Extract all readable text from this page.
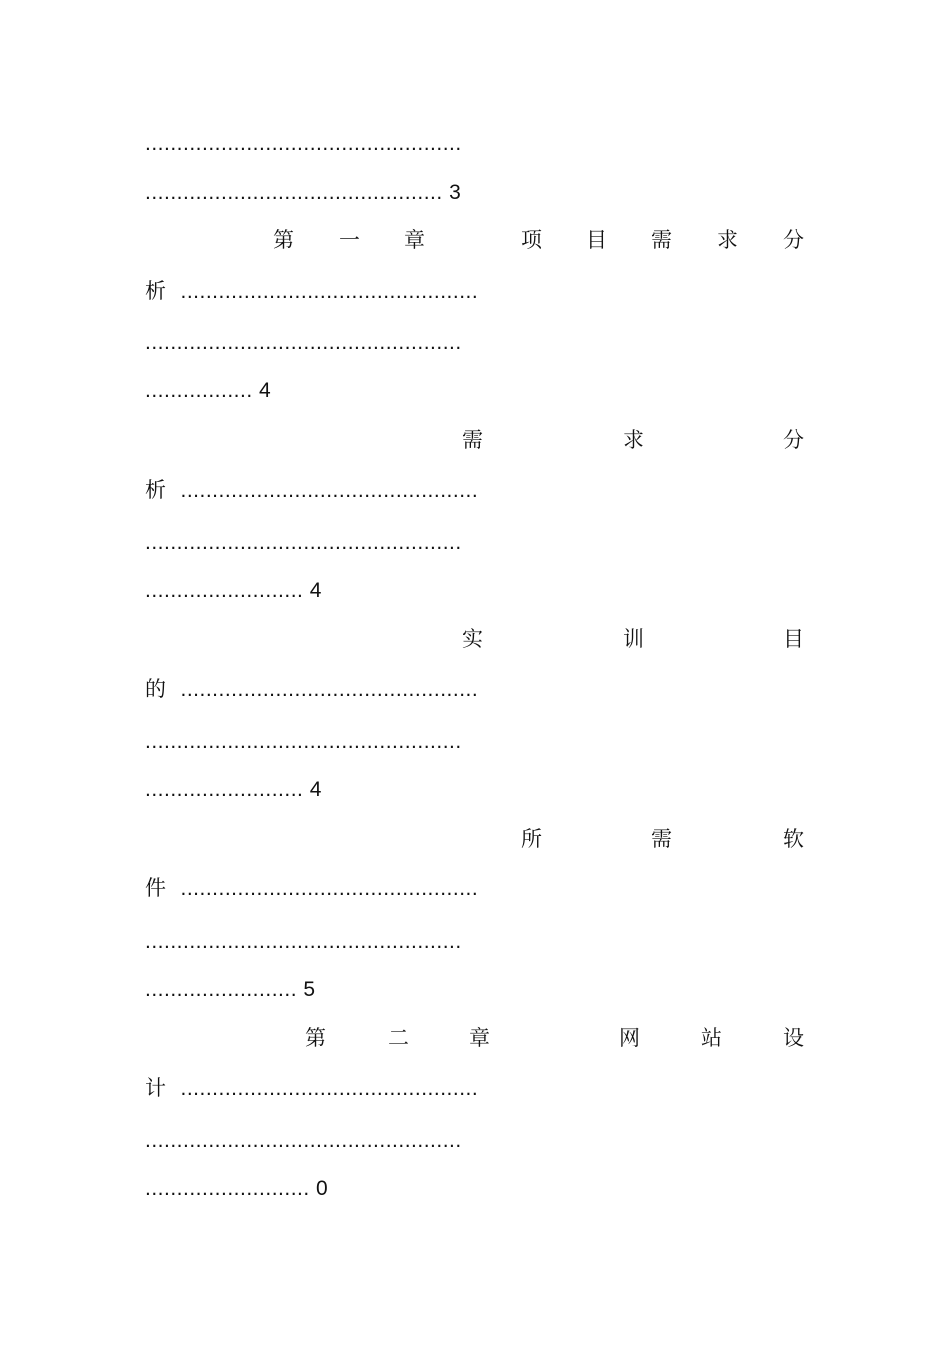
..................................................
............................................... 3
第 一 章	项 目 需 求 分
析 ...............................................
..................................................
................. 4
需	求	分
析 ...............................................
..................................................
......................... 4
实	训	目
的 ...............................................
..................................................
......................... 4
所	需	软
件 ...............................................
..................................................
........................ 5
第	二	章	网	站	设
计 ...............................................
..................................................
.......................... 0
